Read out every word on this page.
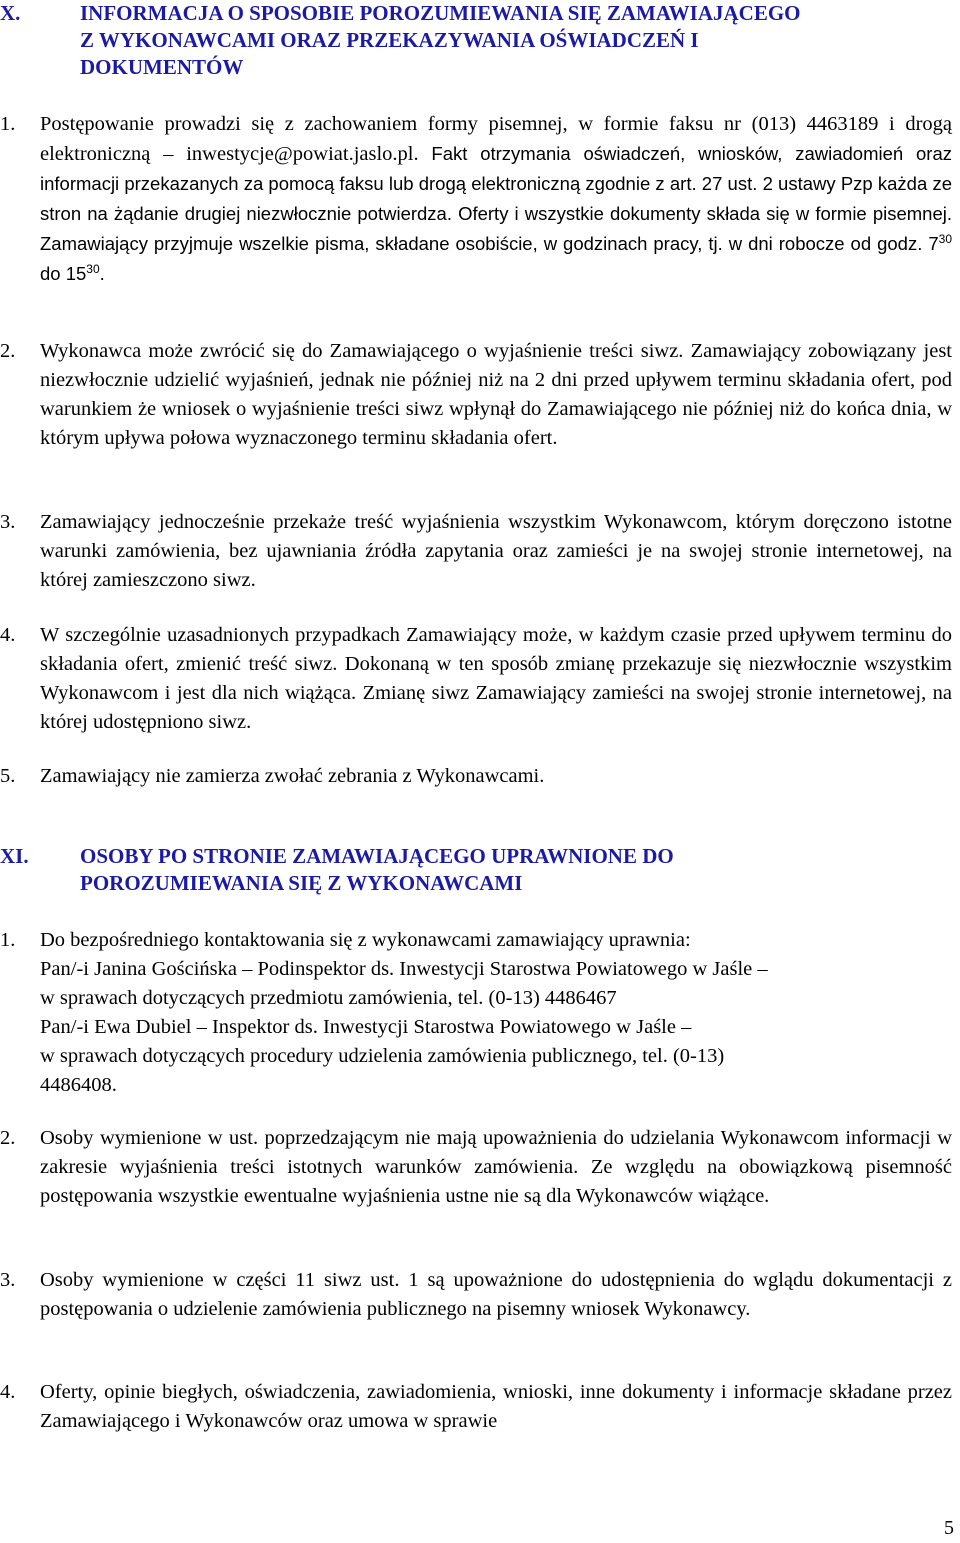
X.	INFORMACJA O SPOSOBIE POROZUMIEWANIA SIĘ ZAMAWIAJĄCEGO
Z WYKONAWCAMI ORAZ PRZEKAZYWANIA OŚWIADCZEŃ I
DOKUMENTÓW
1. Postępowanie prowadzi się z zachowaniem formy pisemnej, w formie faksu nr (013) 4463189 i drogą elektroniczną – inwestycje@powiat.jaslo.pl. Fakt otrzymania oświadczeń, wniosków, zawiadomień oraz informacji przekazanych za pomocą faksu lub drogą elektroniczną zgodnie z art. 27 ust. 2 ustawy Pzp każda ze stron na żądanie drugiej niezwłocznie potwierdza. Oferty i wszystkie dokumenty składa się w formie pisemnej. Zamawiający przyjmuje wszelkie pisma, składane osobiście, w godzinach pracy, tj. w dni robocze od godz. $7^{30}$ do $15^{30}$.
2. Wykonawca może zwrócić się do Zamawiającego o wyjaśnienie treści siwz. Zamawiający zobowiązany jest niezwłocznie udzielić wyjaśnień, jednak nie później niż na 2 dni przed upływem terminu składania ofert, pod warunkiem że wniosek o wyjaśnienie treści siwz wpłynął do Zamawiającego nie później niż do końca dnia, w którym upływa połowa wyznaczonego terminu składania ofert.
3. Zamawiający jednocześnie przekaże treść wyjaśnienia wszystkim Wykonawcom, którym doręczono istotne warunki zamówienia, bez ujawniania źródła zapytania oraz zamieści je na swojej stronie internetowej, na której zamieszczono siwz.
4. W szczególnie uzasadnionych przypadkach Zamawiający może, w każdym czasie przed upływem terminu do składania ofert, zmienić treść siwz. Dokonaną w ten sposób zmianę przekazuje się niezwłocznie wszystkim Wykonawcom i jest dla nich wiążąca. Zmianę siwz Zamawiający zamieści na swojej stronie internetowej, na której udostępniono siwz.
5. Zamawiający nie zamierza zwołać zebrania z Wykonawcami.
XI. OSOBY PO STRONIE ZAMAWIAJĄCEGO UPRAWNIONE DO
POROZUMIEWANIA SIĘ Z WYKONAWCAMI
1. Do bezpośredniego kontaktowania się z wykonawcami zamawiający uprawnia:
Pan/-i Janina Gościńska – Podinspektor ds. Inwestycji Starostwa Powiatowego w Jaśle –
w sprawach dotyczących przedmiotu zamówienia, tel. (0-13) 4486467
Pan/-i Ewa Dubiel – Inspektor ds. Inwestycji Starostwa Powiatowego w Jaśle –
w sprawach dotyczących procedury udzielenia zamówienia publicznego, tel. (0-13)
4486408.
2. Osoby wymienione w ust. poprzedzającym nie mają upoważnienia do udzielania Wykonawcom informacji w zakresie wyjaśnienia treści istotnych warunków zamówienia. Ze względu na obowiązkową pisemność postępowania wszystkie ewentualne wyjaśnienia ustne nie są dla Wykonawców wiążące.
3. Osoby wymienione w części 11 siwz ust. 1 są upoważnione do udostępnienia do wglądu dokumentacji z postępowania o udzielenie zamówienia publicznego na pisemny wniosek Wykonawcy.
4. Oferty, opinie biegłych, oświadczenia, zawiadomienia, wnioski, inne dokumenty i informacje składane przez Zamawiającego i Wykonawców oraz umowa w sprawie
5
